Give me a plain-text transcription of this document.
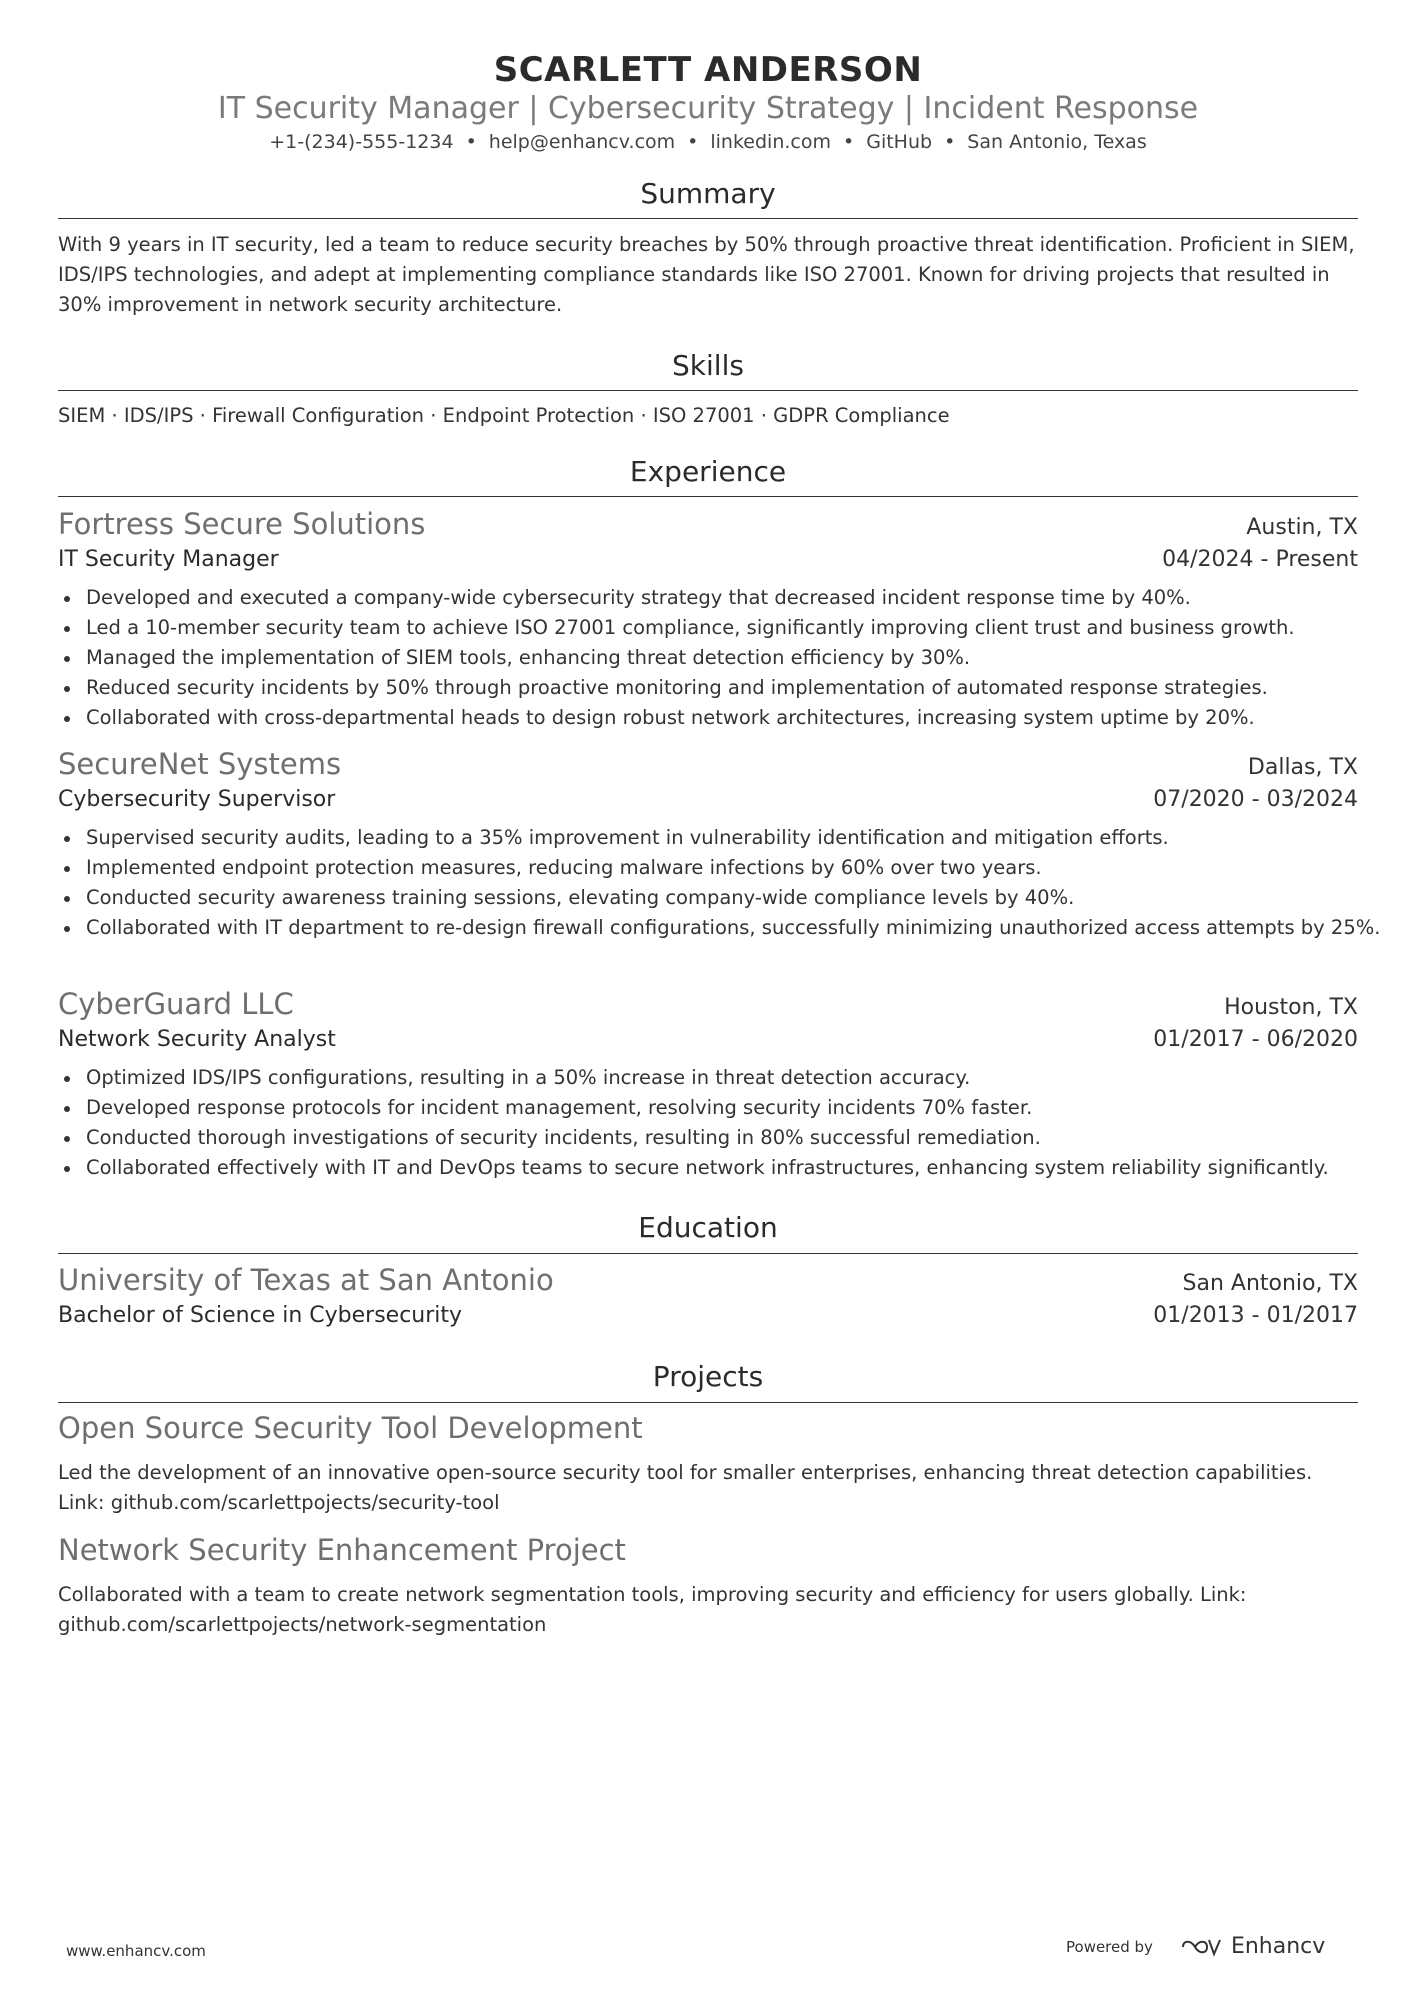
SCARLETT ANDERSON
IT Security Manager | Cybersecurity Strategy | Incident Response
+1-(234)-555-1234 • help@enhancv.com • linkedin.com • GitHub • San Antonio, Texas
Summary
With 9 years in IT security, led a team to reduce security breaches by 50% through proactive threat identification. Proficient in SIEM, IDS/IPS technologies, and adept at implementing compliance standards like ISO 27001. Known for driving projects that resulted in 30% improvement in network security architecture.
Skills
SIEM · IDS/IPS · Firewall Configuration · Endpoint Protection · ISO 27001 · GDPR Compliance
Experience
Fortress Secure Solutions	Austin, TX
IT Security Manager	04/2024 - Present
Developed and executed a company-wide cybersecurity strategy that decreased incident response time by 40%.
Led a 10-member security team to achieve ISO 27001 compliance, significantly improving client trust and business growth.
Managed the implementation of SIEM tools, enhancing threat detection efficiency by 30%.
Reduced security incidents by 50% through proactive monitoring and implementation of automated response strategies.
Collaborated with cross-departmental heads to design robust network architectures, increasing system uptime by 20%.
SecureNet Systems	Dallas, TX
Cybersecurity Supervisor	07/2020 - 03/2024
Supervised security audits, leading to a 35% improvement in vulnerability identification and mitigation efforts.
Implemented endpoint protection measures, reducing malware infections by 60% over two years.
Conducted security awareness training sessions, elevating company-wide compliance levels by 40%.
Collaborated with IT department to re-design firewall configurations, successfully minimizing unauthorized access attempts by 25%.
CyberGuard LLC	Houston, TX
Network Security Analyst	01/2017 - 06/2020
Optimized IDS/IPS configurations, resulting in a 50% increase in threat detection accuracy.
Developed response protocols for incident management, resolving security incidents 70% faster.
Conducted thorough investigations of security incidents, resulting in 80% successful remediation.
Collaborated effectively with IT and DevOps teams to secure network infrastructures, enhancing system reliability significantly.
Education
University of Texas at San Antonio	San Antonio, TX
Bachelor of Science in Cybersecurity	01/2013 - 01/2017
Projects
Open Source Security Tool Development
Led the development of an innovative open-source security tool for smaller enterprises, enhancing threat detection capabilities. Link: github.com/scarlettpojects/security-tool
Network Security Enhancement Project
Collaborated with a team to create network segmentation tools, improving security and efficiency for users globally. Link: github.com/scarlettpojects/network-segmentation
www.enhancv.com	Powered by	Enhancv
